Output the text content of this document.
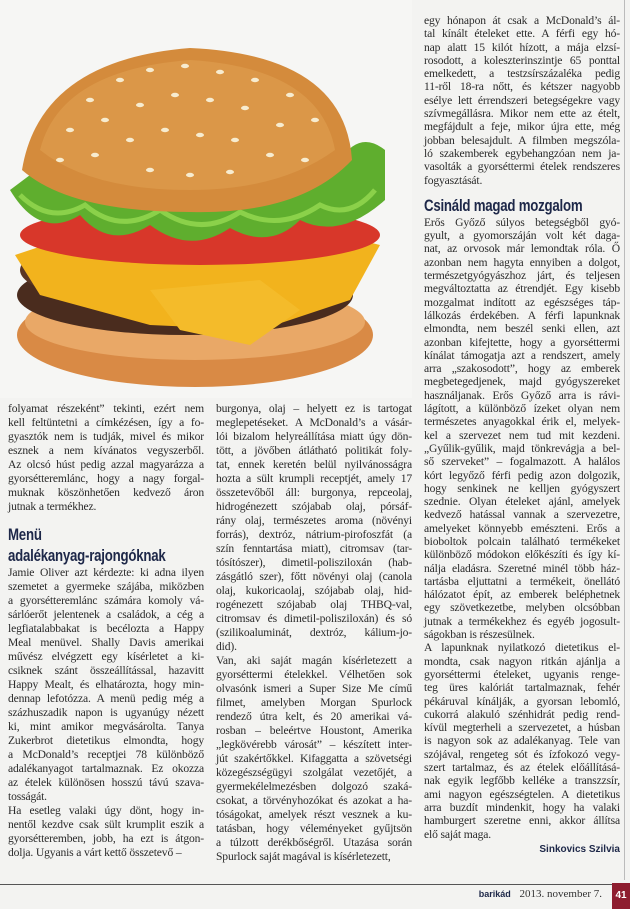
folyamat részeként” tekinti, ezért nem
kell feltüntetni a címkézésen, így a fo-
gyasztók nem is tudják, mivel és mikor
esznek a nem kívánatos vegyszerből.
Az olcsó húst pedig azzal magyarázza a
gyorsétteremlánc, hogy a nagy forgal-
muknak köszönhetően kedvező áron
jutnak a termékhez.
Menü
adalékanyag-rajongóknak
Jamie Oliver azt kérdezte: ki adna ilyen
szemetet a gyermeke szájába, miközben
a gyorsétteremlánc számára komoly vá-
sárlóerőt jelentenek a családok, a cég a
legfiatalabbakat is becélozta a Happy
Meal menüvel. Shally Davis amerikai
művész elvégzett egy kísérletet a ki-
csiknek szánt összeállítással, hazavitt
Happy Mealt, és elhatározta, hogy min-
dennap lefotózza. A menü pedig még a
százhuszadik napon is ugyanúgy nézett
ki, mint amikor megvásárolta. Tanya
Zukerbrot dietetikus elmondta, hogy
a McDonald’s receptjei 78 különböző
adalékanyagot tartalmaznak. Ez okozza
az ételek különösen hosszú távú szava-
tosságát.
Ha esetleg valaki úgy dönt, hogy in-
nentől kezdve csak sült krumplit eszik a
gyorsétteremben, jobb, ha ezt is átgon-
dolja. Ugyanis a várt kettő összetevő –
burgonya, olaj – helyett ez is tartogat
meglepetéseket. A McDonald’s a vásár-
lói bizalom helyreállítása miatt úgy dön-
tött, a jövőben átlátható politikát foly-
tat, ennek keretén belül nyilvánosságra
hozta a sült krumpli receptjét, amely 17
összetevőből áll: burgonya, repceolaj,
hidrogénezett szójabab olaj, pórsáf-
rány olaj, természetes aroma (növényi
forrás), dextróz, nátrium-pirofoszfát (a
szín fenntartása miatt), citromsav (tar-
tósítószer), dimetil-polisziloxán (hab-
zásgátló szer), főtt növényi olaj (canola
olaj, kukoricaolaj, szójabab olaj, hid-
rogénezett szójabab olaj THBQ-val,
citromsav és dimetil-polisziloxán) és só
(szilikoaluminát, dextróz, kálium-jo-
did).
Van, aki saját magán kísérletezett a
gyorséttermi ételekkel. Vélhetően sok
olvasónk ismeri a Super Size Me című
filmet, amelyben Morgan Spurlock
rendező útra kelt, és 20 amerikai vá-
rosban – beleértve Houstont, Amerika
„legkövérebb városát” – készített inter-
jút szakértőkkel. Kifaggatta a szövetségi
közegészségügyi szolgálat vezetőjét, a
gyermekélelmezésben dolgozó szaká-
csokat, a törvényhozókat és azokat a ha-
tóságokat, amelyek részt vesznek a ku-
tatásban, hogy véleményeket gyűjtsön
a túlzott derékbőségről. Utazása során
Spurlock saját magával is kísérletezett,
egy hónapon át csak a McDonald’s ál-
tal kínált ételeket ette. A férfi egy hó-
nap alatt 15 kilót hízott, a mája elzsí-
rosodott, a koleszterinszintje 65 ponttal
emelkedett, a testzsírszázaléka pedig
11-ről 18-ra nőtt, és kétszer nagyobb
esélye lett érrendszeri betegségekre vagy
szívmegállásra. Mikor nem ette az ételt,
megfájdult a feje, mikor újra ette, még
jobban belesajdult. A filmben megszóla-
ló szakemberek egybehangzóan nem ja-
vasolták a gyorséttermi ételek rendszeres
fogyasztását.
Csináld magad mozgalom
Erős Győző súlyos betegségből gyó-
gyult, a gyomorszáján volt két daga-
nat, az orvosok már lemondtak róla. Ő
azonban nem hagyta ennyiben a dolgot,
természetgyógyászhoz járt, és teljesen
megváltoztatta az étrendjét. Egy kisebb
mozgalmat indított az egészséges táp-
lálkozás érdekében. A férfi lapunknak
elmondta, nem beszél senki ellen, azt
azonban kifejtette, hogy a gyorséttermi
kínálat támogatja azt a rendszert, amely
arra „szakosodott”, hogy az emberek
megbetegedjenek, majd gyógyszereket
használjanak. Erős Győző arra is rávi-
lágított, a különböző ízeket olyan nem
természetes anyagokkal érik el, melyek-
kel a szervezet nem tud mit kezdeni.
„Gyűlik-gyűlik, majd tönkrevágja a bel-
ső szerveket” – fogalmazott. A halálos
kórt legyőző férfi pedig azon dolgozik,
hogy senkinek ne kelljen gyógyszert
szednie. Olyan ételeket ajánl, amelyek
kedvező hatással vannak a szervezetre,
amelyeket könnyebb emészteni. Erős a
bioboltok polcain található termékeket
különböző módokon előkészíti és így kí-
nálja eladásra. Szeretné minél több ház-
tartásba eljuttatni a termékeit, önellátó
hálózatot épít, az emberek beléphetnek
egy szövetkezetbe, melyben olcsóbban
jutnak a termékekhez és egyéb jogosult-
ságokban is részesülnek.
A lapunknak nyilatkozó dietetikus el-
mondta, csak nagyon ritkán ajánlja a
gyorséttermi ételeket, ugyanis renge-
teg üres kalóriát tartalmaznak, fehér
pékáruval kínálják, a gyorsan lebomló,
cukorrá alakuló szénhidrát pedig rend-
kívül megterheli a szervezetet, a húsban
is nagyon sok az adalékanyag. Tele van
szójával, rengeteg sót és ízfokozó vegy-
szert tartalmaz, és az ételek előállításá-
nak egyik legfőbb kelléke a transzzsír,
ami nagyon egészségtelen. A dietetikus
arra buzdít mindenkit, hogy ha valaki
hamburgert szeretne enni, akkor állítsa
elő saját maga.
Sinkovics Szilvia
barikád 2013. november 7.	41
